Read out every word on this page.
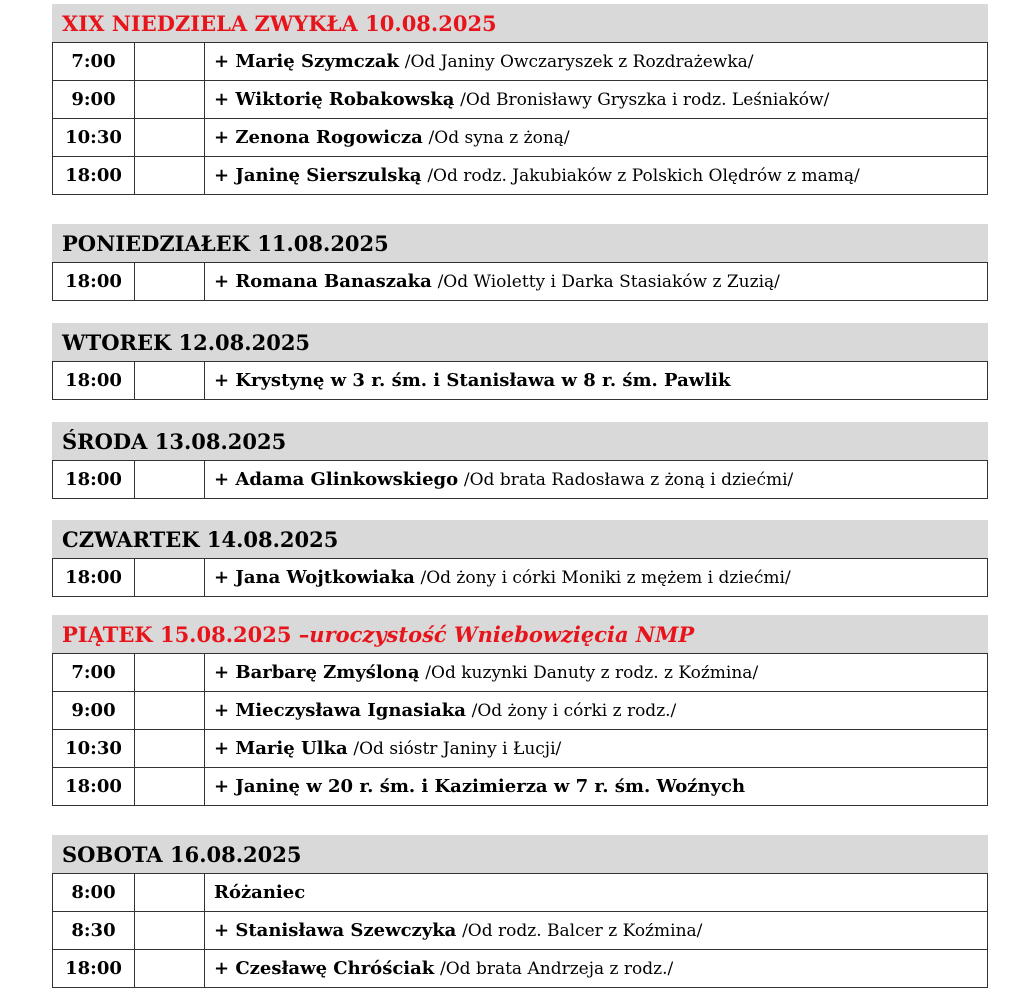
XIX NIEDZIELA ZWYKŁA 10.08.2025
7:00		+ Marię Szymczak /Od Janiny Owczaryszek z Rozdrażewka/
9:00		+ Wiktorię Robakowską /Od Bronisławy Gryszka i rodz. Leśniaków/
10:30		+ Zenona Rogowicza /Od syna z żoną/
18:00		+ Janinę Sierszulską /Od rodz. Jakubiaków z Polskich Olędrów z mamą/
PONIEDZIAŁEK 11.08.2025
18:00		+ Romana Banaszaka /Od Wioletty i Darka Stasiaków z Zuzią/
WTOREK 12.08.2025
18:00		+ Krystynę w 3 r. śm. i Stanisława w 8 r. śm. Pawlik
ŚRODA 13.08.2025
18:00		+ Adama Glinkowskiego /Od brata Radosława z żoną i dziećmi/
CZWARTEK 14.08.2025
18:00		+ Jana Wojtkowiaka /Od żony i córki Moniki z mężem i dziećmi/
PIĄTEK 15.08.2025 – uroczystość Wniebowzięcia NMP
7:00		+ Barbarę Zmyśloną /Od kuzynki Danuty z rodz. z Koźmina/
9:00		+ Mieczysława Ignasiaka /Od żony i córki z rodz./
10:30		+ Marię Ulka /Od sióstr Janiny i Łucji/
18:00		+ Janinę w 20 r. śm. i Kazimierza w 7 r. śm. Woźnych
SOBOTA 16.08.2025
8:00		Różaniec
8:30		+ Stanisława Szewczyka /Od rodz. Balcer z Koźmina/
18:00		+ Czesławę Chróściak /Od brata Andrzeja z rodz./
